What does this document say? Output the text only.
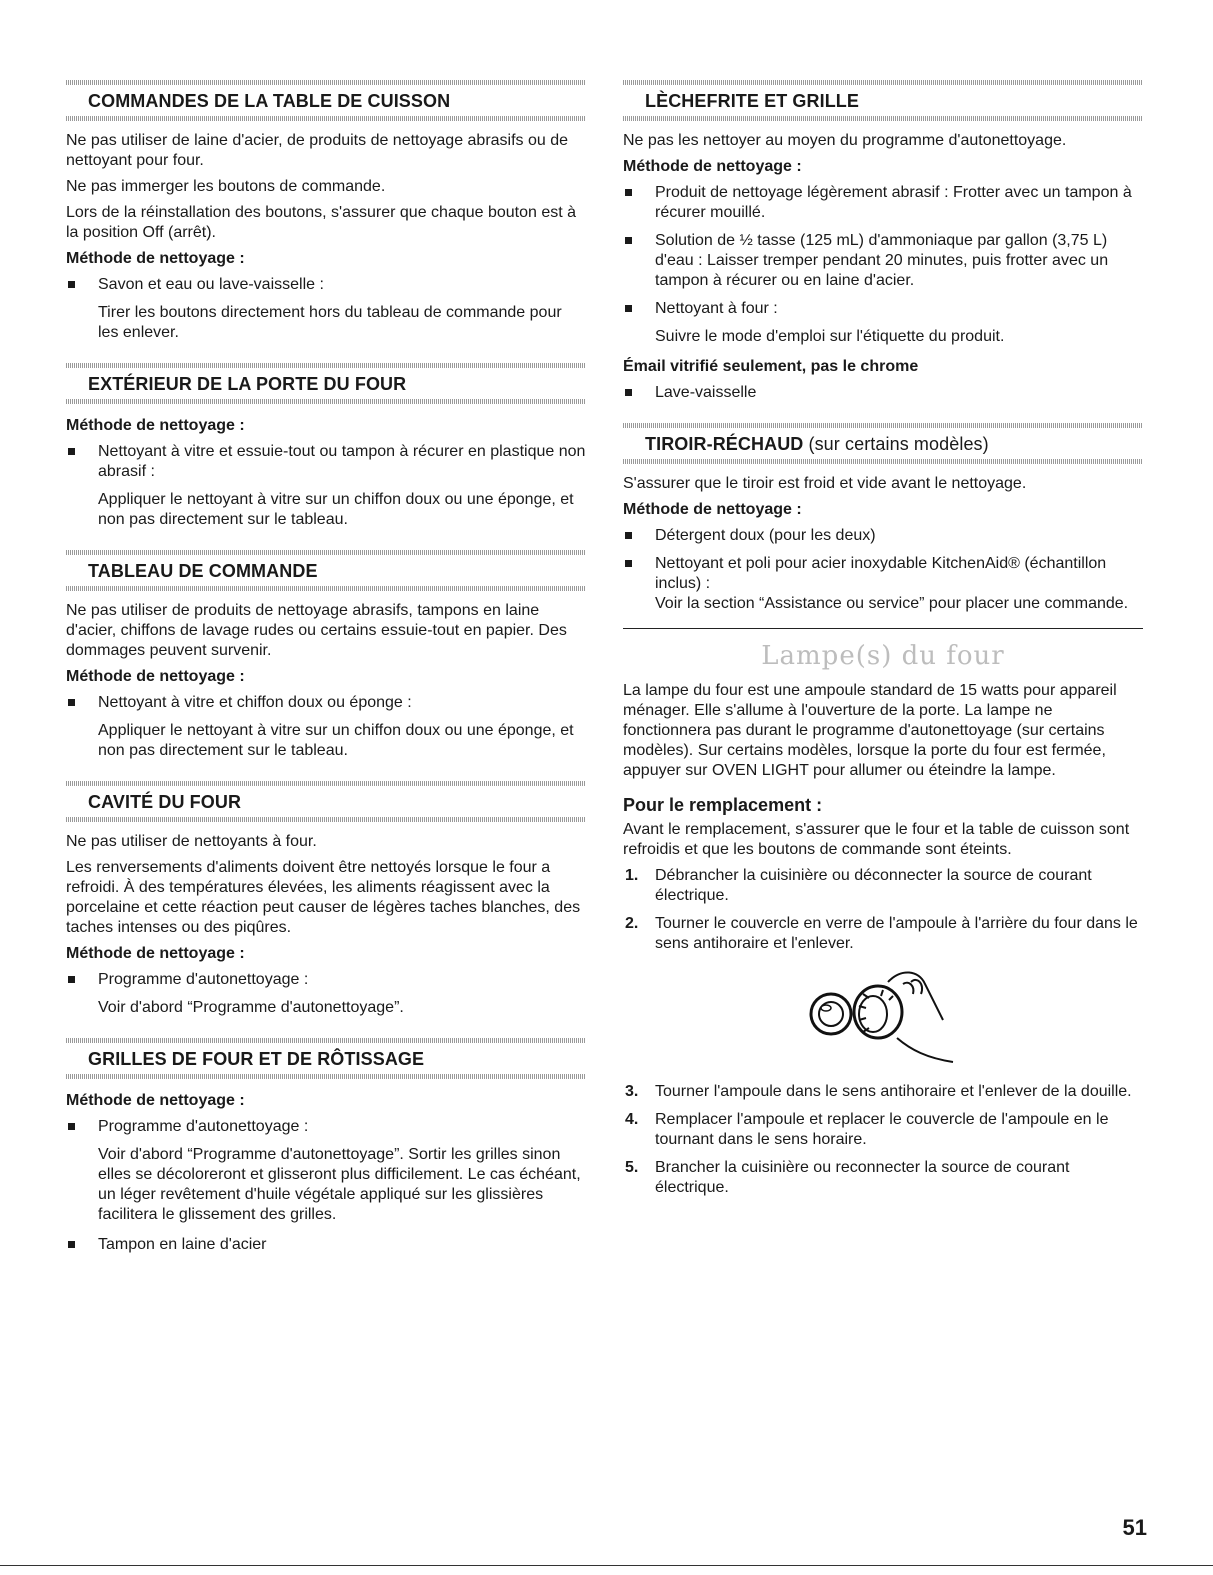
COMMANDES DE LA TABLE DE CUISSON

Ne pas utiliser de laine d'acier, de produits de nettoyage abrasifs ou de nettoyant pour four.

Ne pas immerger les boutons de commande.

Lors de la réinstallation des boutons, s'assurer que chaque bouton est à la position Off (arrêt).

Méthode de nettoyage :
Savon et eau ou lave-vaisselle :
Tirer les boutons directement hors du tableau de commande pour les enlever.
EXTÉRIEUR DE LA PORTE DU FOUR
Méthode de nettoyage :
Nettoyant à vitre et essuie-tout ou tampon à récurer en plastique non abrasif :
Appliquer le nettoyant à vitre sur un chiffon doux ou une éponge, et non pas directement sur le tableau.
TABLEAU DE COMMANDE

Ne pas utiliser de produits de nettoyage abrasifs, tampons en laine d'acier, chiffons de lavage rudes ou certains essuie-tout en papier. Des dommages peuvent survenir.

Méthode de nettoyage :
Nettoyant à vitre et chiffon doux ou éponge :
Appliquer le nettoyant à vitre sur un chiffon doux ou une éponge, et non pas directement sur le tableau.
CAVITÉ DU FOUR

Ne pas utiliser de nettoyants à four.

Les renversements d'aliments doivent être nettoyés lorsque le four a refroidi. À des températures élevées, les aliments réagissent avec la porcelaine et cette réaction peut causer de légères taches blanches, des taches intenses ou des piqûres.

Méthode de nettoyage :
Programme d'autonettoyage :
Voir d'abord “Programme d'autonettoyage”.
GRILLES DE FOUR ET DE RÔTISSAGE
Méthode de nettoyage :
Programme d'autonettoyage :
Voir d'abord “Programme d'autonettoyage”. Sortir les grilles sinon elles se décoloreront et glisseront plus difficilement. Le cas échéant, un léger revêtement d'huile végétale appliqué sur les glissières facilitera le glissement des grilles.
Tampon en laine d'acier
LÈCHEFRITE ET GRILLE

Ne pas les nettoyer au moyen du programme d'autonettoyage.

Méthode de nettoyage :
Produit de nettoyage légèrement abrasif : Frotter avec un tampon à récurer mouillé.
Solution de ½ tasse (125 mL) d'ammoniaque par gallon (3,75 L) d'eau : Laisser tremper pendant 20 minutes, puis frotter avec un tampon à récurer ou en laine d'acier.
Nettoyant à four :
Suivre le mode d'emploi sur l'étiquette du produit.
Émail vitrifié seulement, pas le chrome
Lave-vaisselle
TIROIR-RÉCHAUD (sur certains modèles)

S'assurer que le tiroir est froid et vide avant le nettoyage.

Méthode de nettoyage :
Détergent doux (pour les deux)
Nettoyant et poli pour acier inoxydable KitchenAid® (échantillon inclus) :
Voir la section “Assistance ou service” pour placer une commande.
Lampe(s) du four

La lampe du four est une ampoule standard de 15 watts pour appareil ménager. Elle s'allume à l'ouverture de la porte. La lampe ne fonctionnera pas durant le programme d'autonettoyage (sur certains modèles). Sur certains modèles, lorsque la porte du four est fermée, appuyer sur OVEN LIGHT pour allumer ou éteindre la lampe.

Pour le remplacement :

Avant le remplacement, s'assurer que le four et la table de cuisson sont refroidis et que les boutons de commande sont éteints.

1. Débrancher la cuisinière ou déconnecter la source de courant électrique.
2. Tourner le couvercle en verre de l'ampoule à l'arrière du four dans le sens antihoraire et l'enlever.
3. Tourner l'ampoule dans le sens antihoraire et l'enlever de la douille.
4. Remplacer l'ampoule et replacer le couvercle de l'ampoule en le tournant dans le sens horaire.
5. Brancher la cuisinière ou reconnecter la source de courant électrique.
51
